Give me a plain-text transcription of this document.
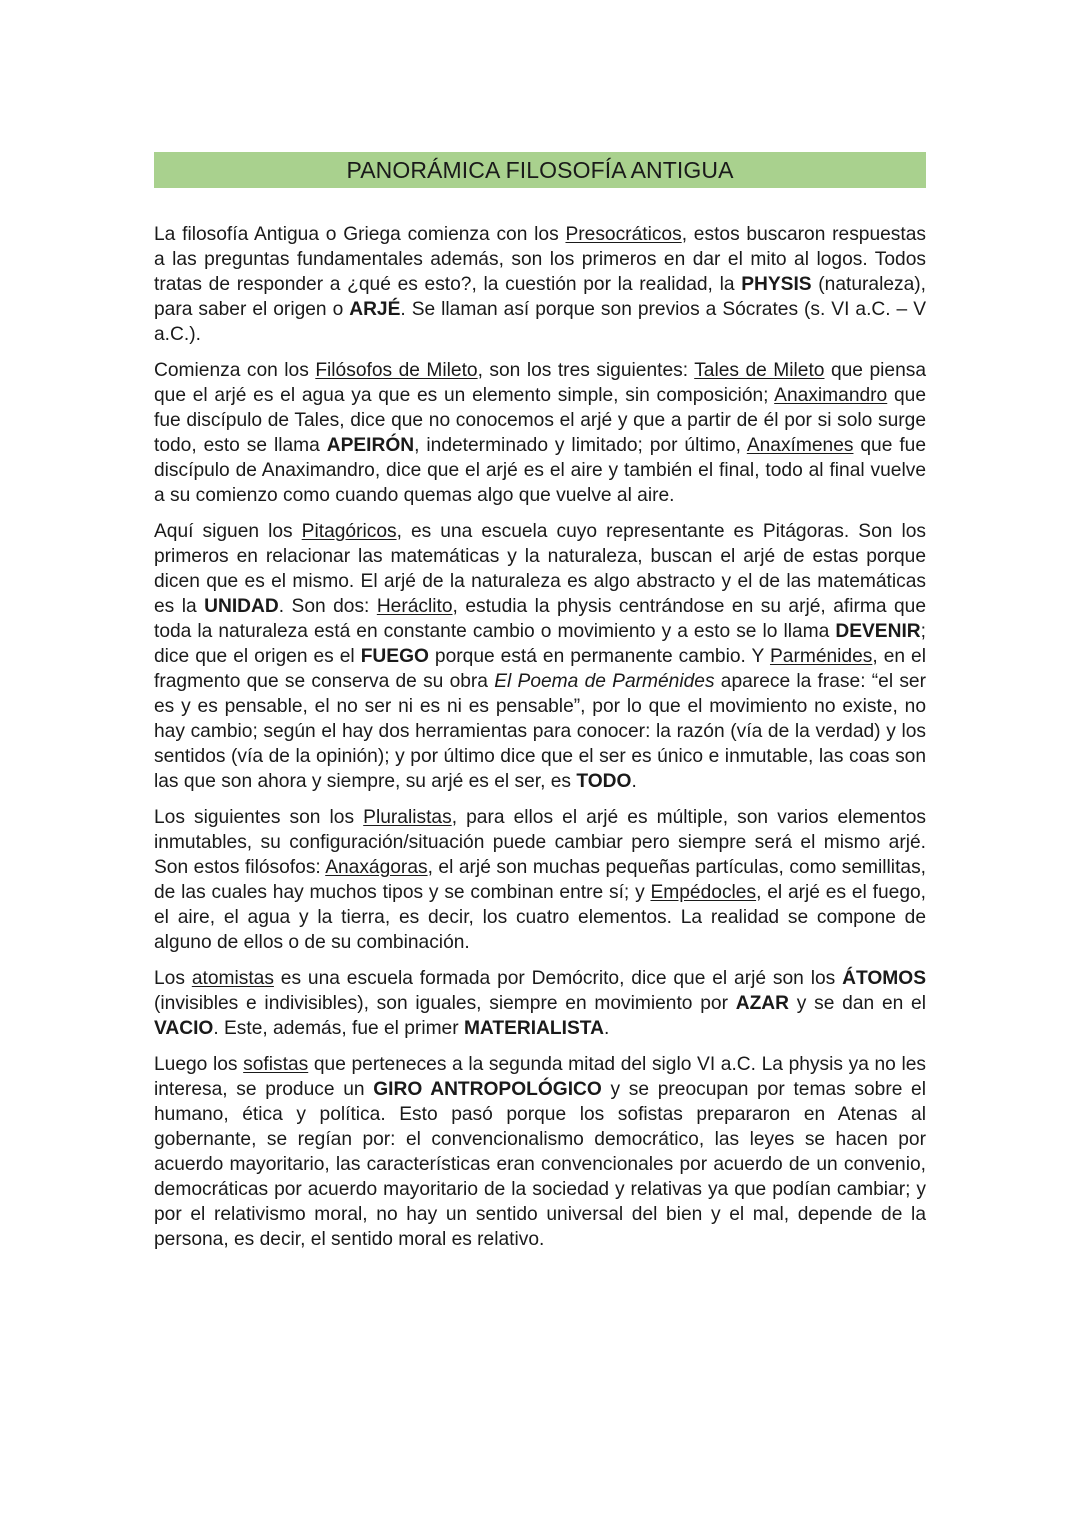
PANORÁMICA FILOSOFÍA ANTIGUA

La filosofía Antigua o Griega comienza con los Presocráticos, estos buscaron respuestas a las preguntas fundamentales además, son los primeros en dar el mito al logos. Todos tratas de responder a ¿qué es esto?, la cuestión por la realidad, la PHYSIS (naturaleza), para saber el origen o ARJÉ. Se llaman así porque son previos a Sócrates (s. VI a.C. – V a.C.).

Comienza con los Filósofos de Mileto, son los tres siguientes: Tales de Mileto que piensa que el arjé es el agua ya que es un elemento simple, sin composición; Anaximandro que fue discípulo de Tales, dice que no conocemos el arjé y que a partir de él por si solo surge todo, esto se llama APEIRÓN, indeterminado y limitado; por último, Anaxímenes que fue discípulo de Anaximandro, dice que el arjé es el aire y también el final, todo al final vuelve a su comienzo como cuando quemas algo que vuelve al aire.

Aquí siguen los Pitagóricos, es una escuela cuyo representante es Pitágoras. Son los primeros en relacionar las matemáticas y la naturaleza, buscan el arjé de estas porque dicen que es el mismo. El arjé de la naturaleza es algo abstracto y el de las matemáticas es la UNIDAD. Son dos: Heráclito, estudia la physis centrándose en su arjé, afirma que toda la naturaleza está en constante cambio o movimiento y a esto se lo llama DEVENIR; dice que el origen es el FUEGO porque está en permanente cambio. Y Parménides, en el fragmento que se conserva de su obra El Poema de Parménides aparece la frase: “el ser es y es pensable, el no ser ni es ni es pensable”, por lo que el movimiento no existe, no hay cambio; según el hay dos herramientas para conocer: la razón (vía de la verdad) y los sentidos (vía de la opinión); y por último dice que el ser es único e inmutable, las coas son las que son ahora y siempre, su arjé es el ser, es TODO.

Los siguientes son los Pluralistas, para ellos el arjé es múltiple, son varios elementos inmutables, su configuración/situación puede cambiar pero siempre será el mismo arjé. Son estos filósofos: Anaxágoras, el arjé son muchas pequeñas partículas, como semillitas, de las cuales hay muchos tipos y se combinan entre sí; y Empédocles, el arjé es el fuego, el aire, el agua y la tierra, es decir, los cuatro elementos. La realidad se compone de alguno de ellos o de su combinación.

Los atomistas es una escuela formada por Demócrito, dice que el arjé son los ÁTOMOS (invisibles e indivisibles), son iguales, siempre en movimiento por AZAR y se dan en el VACIO. Este, además, fue el primer MATERIALISTA.

Luego los sofistas que perteneces a la segunda mitad del siglo VI a.C. La physis ya no les interesa, se produce un GIRO ANTROPOLÓGICO y se preocupan por temas sobre el humano, ética y política. Esto pasó porque los sofistas prepararon en Atenas al gobernante, se regían por: el convencionalismo democrático, las leyes se hacen por acuerdo mayoritario, las características eran convencionales por acuerdo de un convenio, democráticas por acuerdo mayoritario de la sociedad y relativas ya que podían cambiar; y por el relativismo moral, no hay un sentido universal del bien y el mal, depende de la persona, es decir, el sentido moral es relativo.
